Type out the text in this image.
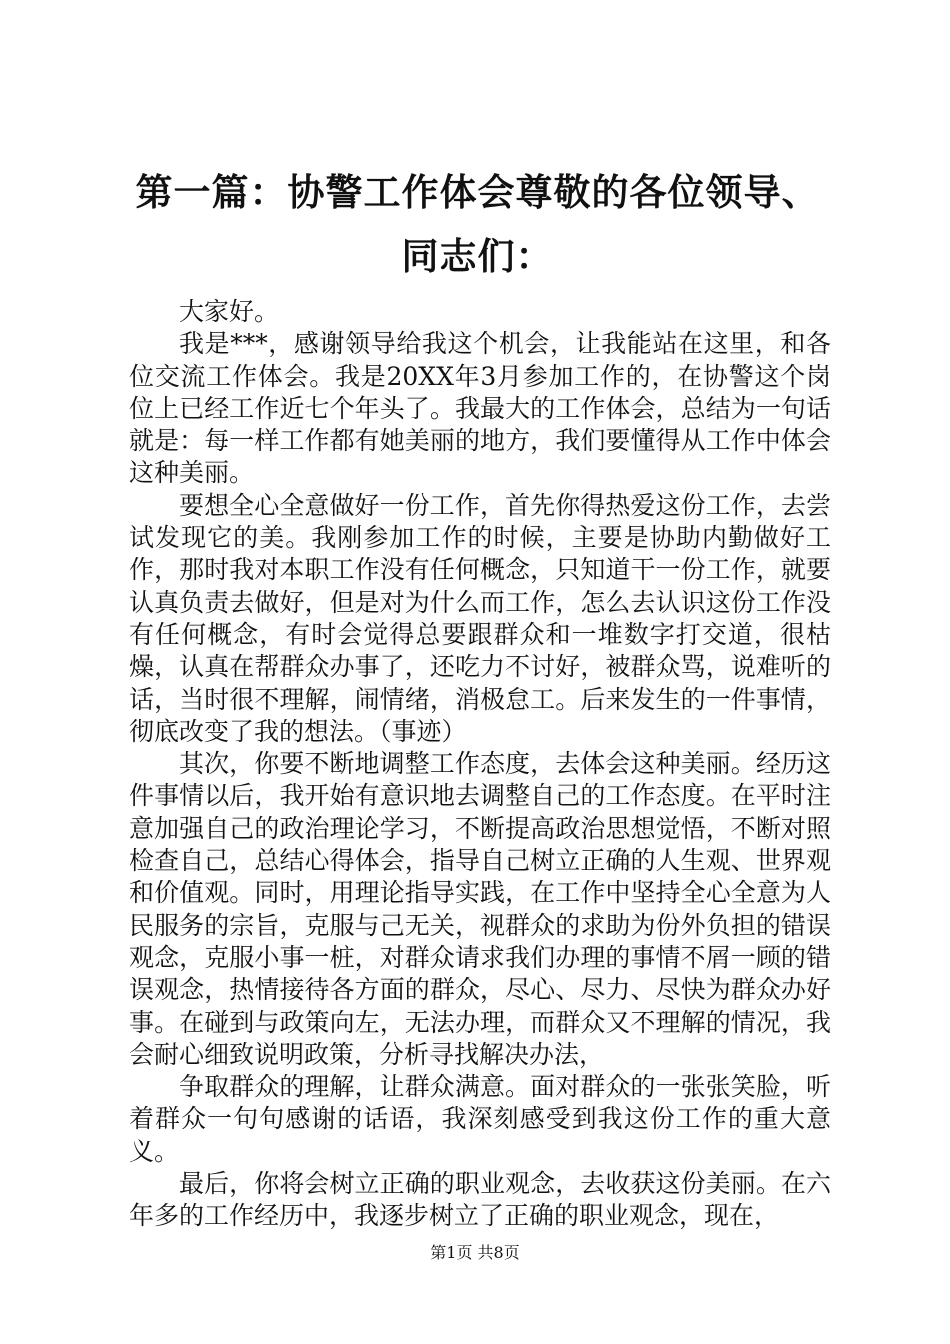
第一篇：协警工作体会尊敬的各位领导、同志们：

大家好。

我是***，感谢领导给我这个机会，让我能站在这里，和各位交流工作体会。我是20XX年3月参加工作的，在协警这个岗位上已经工作近七个年头了。我最大的工作体会，总结为一句话就是：每一样工作都有她美丽的地方，我们要懂得从工作中体会这种美丽。

要想全心全意做好一份工作，首先你得热爱这份工作，去尝试发现它的美。我刚参加工作的时候，主要是协助内勤做好工作，那时我对本职工作没有任何概念，只知道干一份工作，就要认真负责去做好，但是对为什么而工作，怎么去认识这份工作没有任何概念，有时会觉得总要跟群众和一堆数字打交道，很枯燥，认真在帮群众办事了，还吃力不讨好，被群众骂，说难听的话，当时很不理解，闹情绪，消极怠工。后来发生的一件事情，彻底改变了我的想法。（事迹）

其次，你要不断地调整工作态度，去体会这种美丽。经历这件事情以后，我开始有意识地去调整自己的工作态度。在平时注意加强自己的政治理论学习，不断提高政治思想觉悟，不断对照检查自己，总结心得体会，指导自己树立正确的人生观、世界观和价值观。同时，用理论指导实践，在工作中坚持全心全意为人民服务的宗旨，克服与己无关，视群众的求助为份外负担的错误观念，克服小事一桩，对群众请求我们办理的事情不屑一顾的错误观念，热情接待各方面的群众，尽心、尽力、尽快为群众办好事。在碰到与政策向左，无法办理，而群众又不理解的情况，我会耐心细致说明政策，分析寻找解决办法，

争取群众的理解，让群众满意。面对群众的一张张笑脸，听着群众一句句感谢的话语，我深刻感受到我这份工作的重大意义。

最后，你将会树立正确的职业观念，去收获这份美丽。在六年多的工作经历中，我逐步树立了正确的职业观念，现在，

第1页 共8页
